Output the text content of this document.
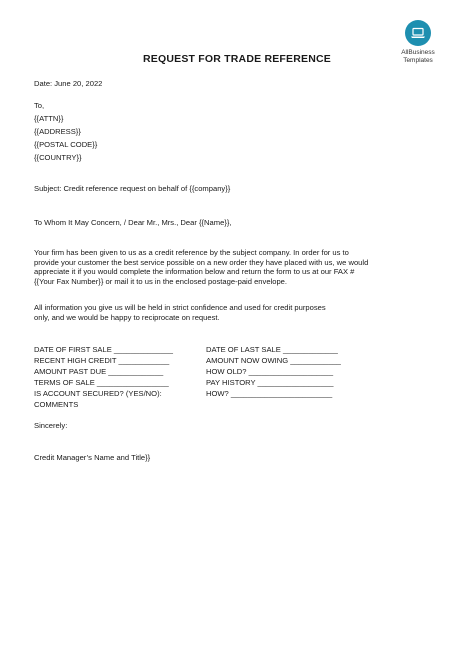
AllBusiness
Templates
REQUEST FOR TRADE REFERENCE
Date: June 20, 2022
To,
{{ATTN}}
{{ADDRESS}}
{{POSTAL CODE}}
{{COUNTRY}}
Subject: Credit reference request on behalf of {{company}}
To Whom It May Concern, / Dear Mr., Mrs., Dear {{Name}},
Your firm has been given to us as a credit reference by the subject company. In order for us to
provide your customer the best service possible on a new order they have placed with us, we would
appreciate it if you would complete the information below and return the form to us at our FAX #
{{Your Fax Number}} or mail it to us in the enclosed postage-paid envelope.
All information you give us will be held in strict confidence and used for credit purposes
only, and we would be happy to reciprocate on request.
DATE OF FIRST SALE ______________
RECENT HIGH CREDIT ____________
AMOUNT PAST DUE _____________
TERMS OF SALE _________________
IS ACCOUNT SECURED? (YES/NO):
COMMENTS
DATE OF LAST SALE _____________
AMOUNT NOW OWING ____________
HOW OLD? ____________________
PAY HISTORY __________________
HOW? ________________________
Sincerely:
Credit Manager’s Name and Title}}
